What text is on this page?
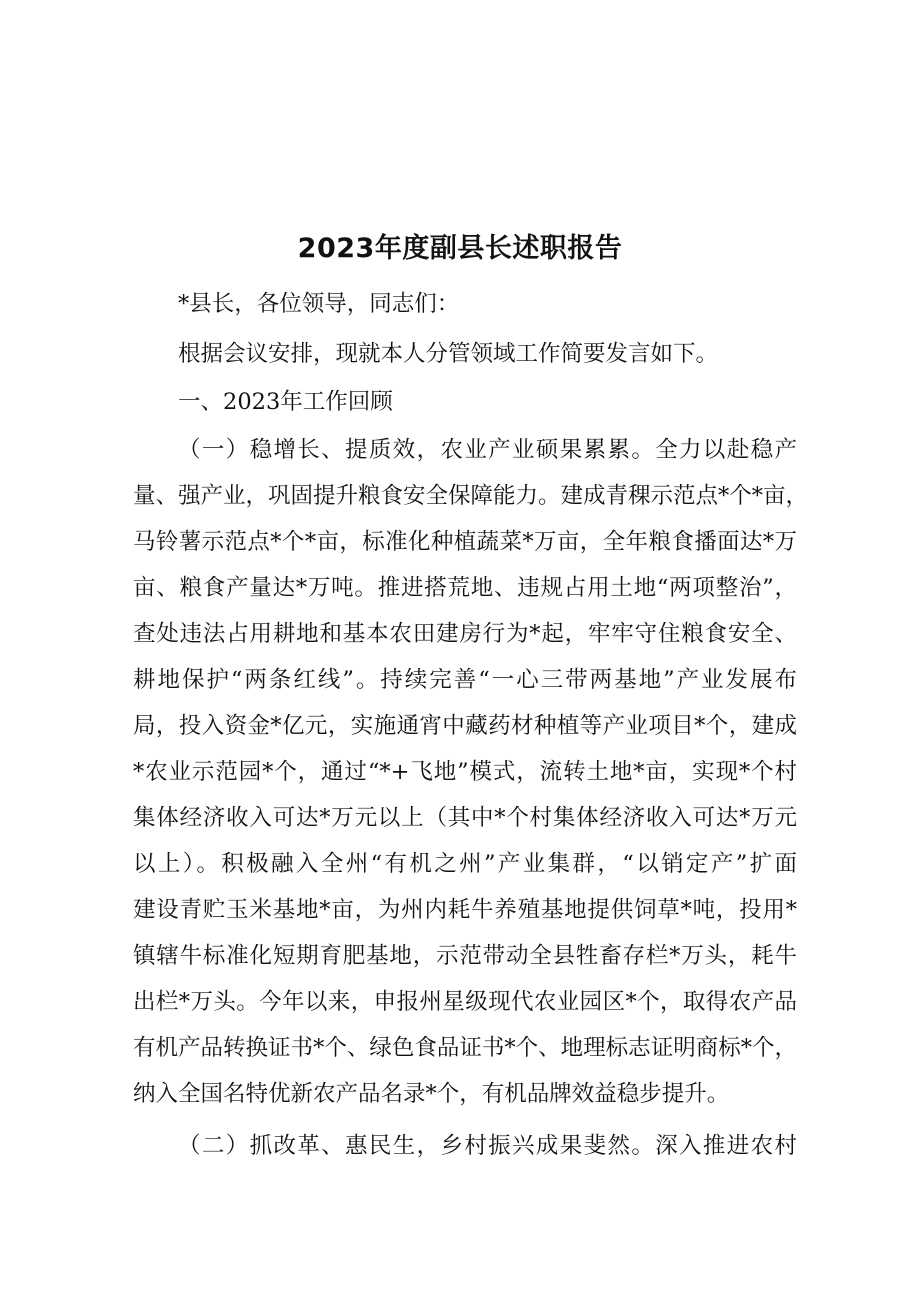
2023年度副县长述职报告
*县长，各位领导，同志们：
根据会议安排，现就本人分管领域工作简要发言如下。
一、2023年工作回顾
（一）稳增长、提质效，农业产业硕果累累。全力以赴稳产
量、强产业，巩固提升粮食安全保障能力。建成青稞示范点*个*亩，
马铃薯示范点*个*亩，标准化种植蔬菜*万亩，全年粮食播面达*万
亩、粮食产量达*万吨。推进搭荒地、违规占用土地“两项整治”，
查处违法占用耕地和基本农田建房行为*起，牢牢守住粮食安全、
耕地保护“两条红线”。持续完善“一心三带两基地”产业发展布
局，投入资金*亿元，实施通宵中藏药材种植等产业项目*个，建成
*农业示范园*个，通过“*+飞地”模式，流转土地*亩，实现*个村
集体经济收入可达*万元以上（其中*个村集体经济收入可达*万元
以上）。积极融入全州“有机之州”产业集群，“以销定产”扩面
建设青贮玉米基地*亩，为州内耗牛养殖基地提供饲草*吨，投用*
镇辖牛标准化短期育肥基地，示范带动全县牲畜存栏*万头，耗牛
出栏*万头。今年以来，申报州星级现代农业园区*个，取得农产品
有机产品转换证书*个、绿色食品证书*个、地理标志证明商标*个，
纳入全国名特优新农产品名录*个，有机品牌效益稳步提升。
（二）抓改革、惠民生，乡村振兴成果斐然。深入推进农村
